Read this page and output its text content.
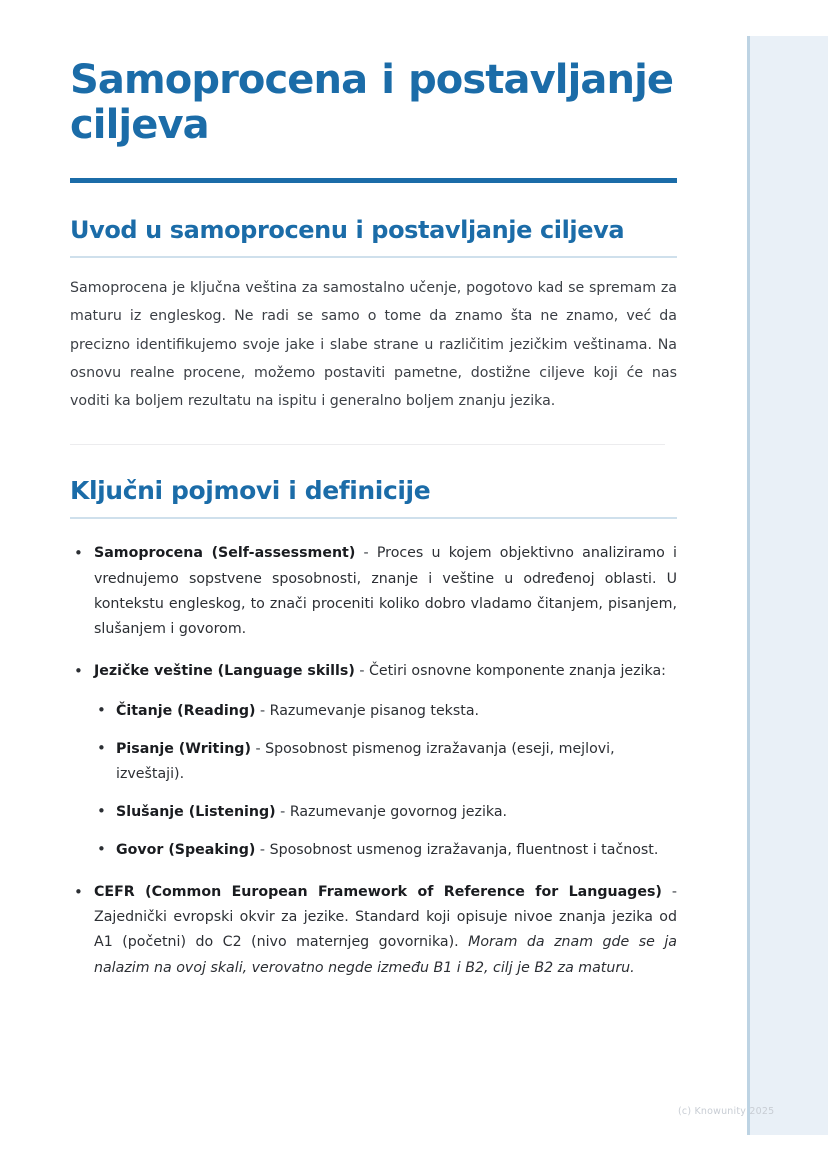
Samoprocena i postavljanje ciljeva
Uvod u samoprocenu i postavljanje ciljeva

Samoprocena je ključna veština za samostalno učenje, pogotovo kad se spremam za maturu iz engleskog. Ne radi se samo o tome da znamo šta ne znamo, već da precizno identifikujemo svoje jake i slabe strane u različitim jezičkim veštinama. Na osnovu realne procene, možemo postaviti pametne, dostižne ciljeve koji će nas voditi ka boljem rezultatu na ispitu i generalno boljem znanju jezika.

Ključni pojmovi i definicije
• Samoprocena (Self-assessment) - Proces u kojem objektivno analiziramo i vrednujemo sopstvene sposobnosti, znanje i veštine u određenoj oblasti. U kontekstu engleskog, to znači proceniti koliko dobro vladamo čitanjem, pisanjem, slušanjem i govorom.
• Jezičke veštine (Language skills) - Četiri osnovne komponente znanja jezika:
• Čitanje (Reading) - Razumevanje pisanog teksta.
• Pisanje (Writing) - Sposobnost pismenog izražavanja (eseji, mejlovi, izveštaji).
• Slušanje (Listening) - Razumevanje govornog jezika.
• Govor (Speaking) - Sposobnost usmenog izražavanja, fluentnost i tačnost.
• CEFR (Common European Framework of Reference for Languages) - Zajednički evropski okvir za jezike. Standard koji opisuje nivoe znanja jezika od A1 (početni) do C2 (nivo maternjeg govornika). Moram da znam gde se ja nalazim na ovoj skali, verovatno negde između B1 i B2, cilj je B2 za maturu.
(c) Knowunity 2025
